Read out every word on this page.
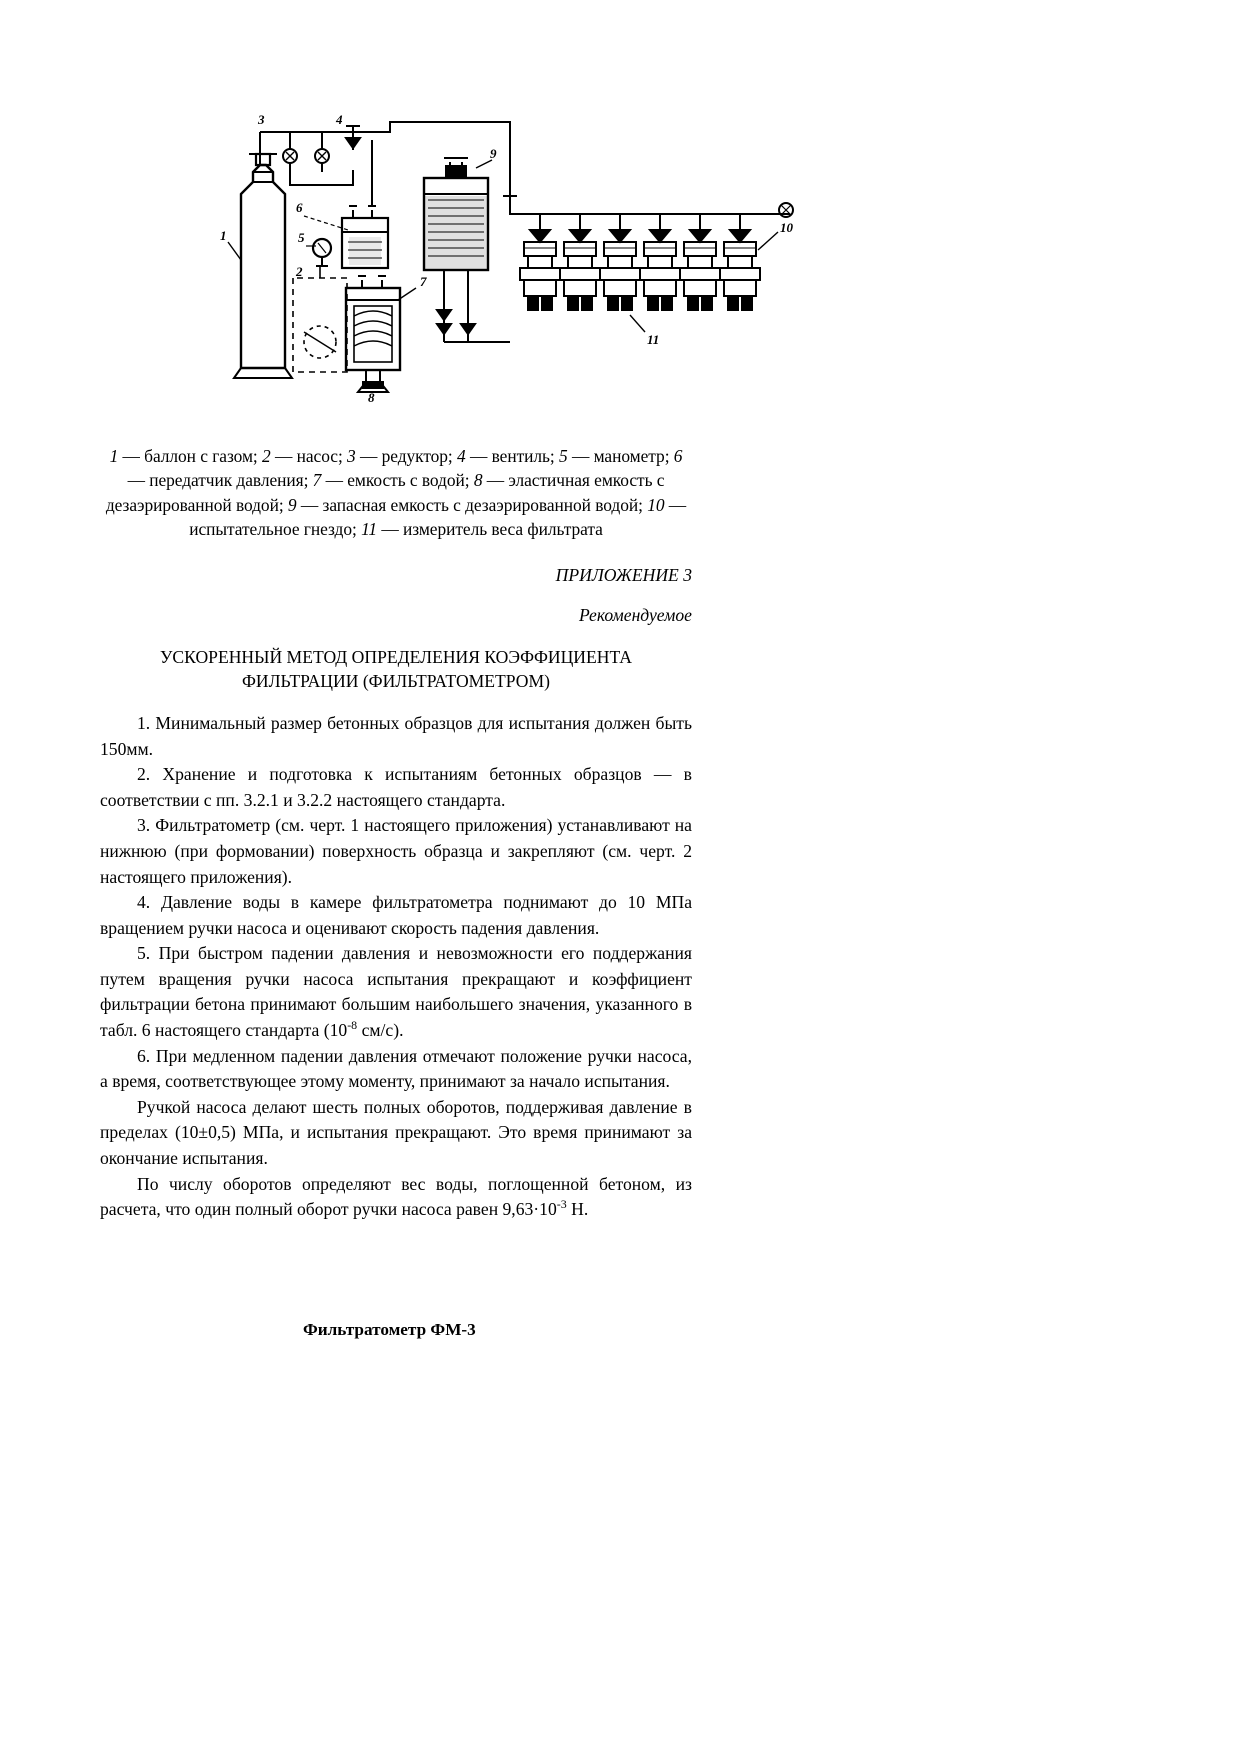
1
2
3	4
5
6
7
8
9
10
11
1 — баллон с газом; 2 — насос; 3 — редуктор; 4 — вентиль; 5 — манометр; 6 — передатчик давления; 7 — емкость с водой; 8 — эластичная емкость с дезаэрированной водой; 9 — запасная емкость с дезаэрированной водой; 10 — испытательное гнездо; 11 — измеритель веса фильтрата
ПРИЛОЖЕНИЕ 3
Рекомендуемое
УСКОРЕННЫЙ МЕТОД ОПРЕДЕЛЕНИЯ КОЭФФИЦИЕНТА
ФИЛЬТРАЦИИ (ФИЛЬТРАТОМЕТРОМ)

1. Минимальный размер бетонных образцов для испытания должен быть 150мм.

2. Хранение и подготовка к испытаниям бетонных образцов — в соответствии с пп. 3.2.1 и 3.2.2 настоящего стандарта.

3. Фильтратометр (см. черт. 1 настоящего приложения) устанавливают на нижнюю (при формовании) поверхность образца и закрепляют (см. черт. 2 настоящего приложения).

4. Давление воды в камере фильтратометра поднимают до 10 МПа вращением ручки насоса и оценивают скорость падения давления.

5. При быстром падении давления и невозможности его поддержания путем вращения ручки насоса испытания прекращают и коэффициент фильтрации бетона принимают большим наибольшего значения, указанного в табл. 6 настоящего стандарта ($10^{-8}$ см/с).

6. При медленном падении давления отмечают положение ручки насоса, а время, соответствующее этому моменту, принимают за начало испытания.

Ручкой насоса делают шесть полных оборотов, поддерживая давление в пределах (10±0,5) МПа, и испытания прекращают. Это время принимают за окончание испытания.

По числу оборотов определяют вес воды, поглощенной бетоном, из расчета, что один полный оборот ручки насоса равен $9,63\cdot 10^{-3}$ Н.

Фильтратометр ФМ-3
